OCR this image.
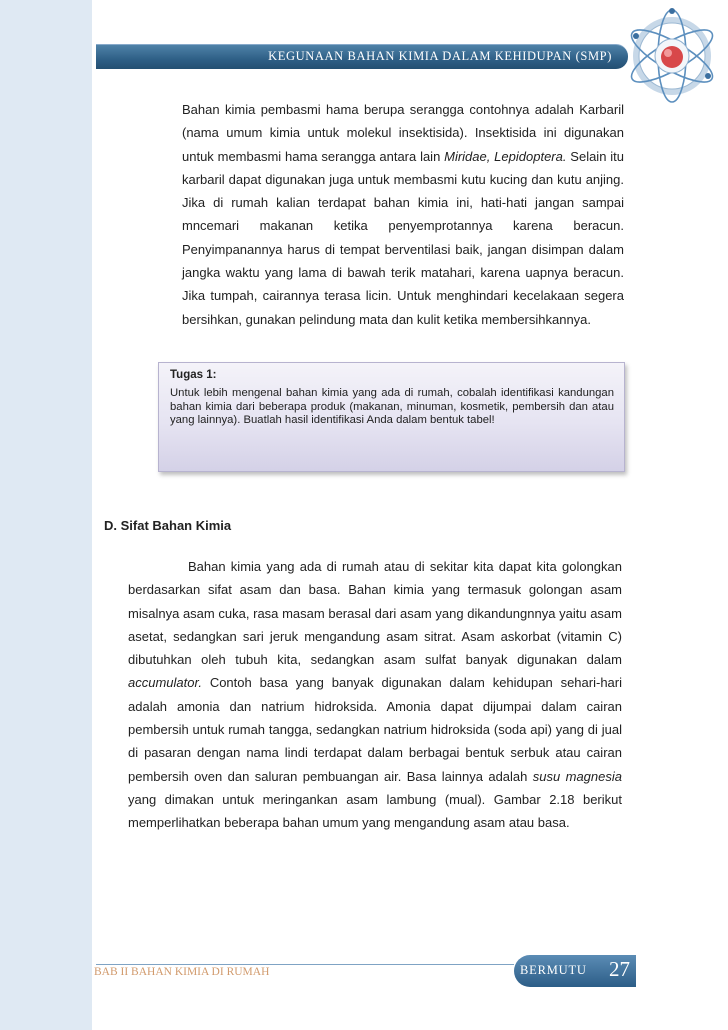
KEGUNAAN BAHAN KIMIA DALAM KEHIDUPAN (SMP)

Bahan kimia pembasmi hama berupa serangga contohnya adalah Karbaril (nama umum kimia untuk molekul insektisida). Insektisida ini digunakan untuk membasmi hama serangga antara lain Miridae, Lepidoptera. Selain itu karbaril dapat digunakan juga untuk membasmi kutu kucing dan kutu anjing. Jika di rumah kalian terdapat bahan kimia ini, hati-hati jangan sampai mncemari makanan ketika penyemprotannya karena beracun. Penyimpanannya harus di tempat berventilasi baik, jangan disimpan dalam jangka waktu yang lama di bawah terik matahari, karena uapnya beracun. Jika tumpah, cairannya terasa licin. Untuk menghindari kecelakaan segera bersihkan, gunakan pelindung mata dan kulit ketika membersihkannya.

Tugas 1:

Untuk lebih mengenal bahan kimia yang ada di rumah, cobalah identifikasi kandungan bahan kimia dari beberapa produk (makanan, minuman, kosmetik, pembersih dan atau yang lainnya). Buatlah hasil identifikasi Anda dalam bentuk tabel!

D. Sifat Bahan Kimia

Bahan kimia yang ada di rumah atau di sekitar kita dapat kita golongkan berdasarkan sifat asam dan basa. Bahan kimia yang termasuk golongan asam misalnya asam cuka, rasa masam berasal dari asam yang dikandungnnya yaitu asam asetat, sedangkan sari jeruk mengandung asam sitrat. Asam askorbat (vitamin C) dibutuhkan oleh tubuh kita, sedangkan asam sulfat banyak digunakan dalam accumulator. Contoh basa yang banyak digunakan dalam kehidupan sehari-hari adalah amonia dan natrium hidroksida. Amonia dapat dijumpai dalam cairan pembersih untuk rumah tangga, sedangkan natrium hidroksida (soda api) yang di jual di pasaran dengan nama lindi terdapat dalam berbagai bentuk serbuk atau cairan pembersih oven dan saluran pembuangan air. Basa lainnya adalah susu magnesia yang dimakan untuk meringankan asam lambung (mual). Gambar 2.18 berikut memperlihatkan beberapa bahan umum yang mengandung asam atau basa.

BAB II BAHAN KIMIA DI RUMAH	BERMUTU 27
